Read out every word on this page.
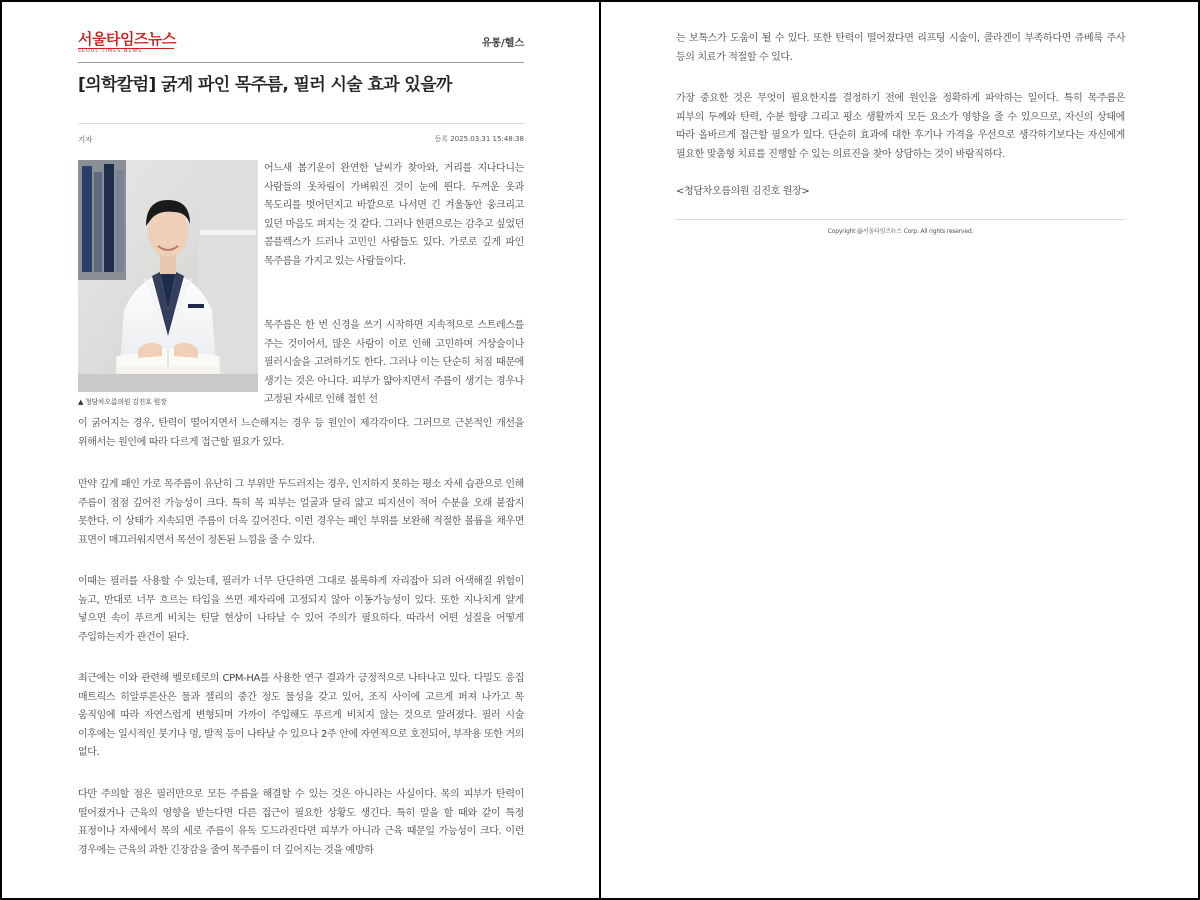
서울타임즈뉴스
SEOUL TIMES NEWS
유통/헬스
[의학칼럼] 굵게 파인 목주름, 필러 시술 효과 있을까
기자	등록 2025.03.31 15:48:38
▲ 청담차오름의원 김진호 원장

어느새 봄기운이 완연한 날씨가 찾아와, 거리를 지나다니는 사람들의 옷차림이 가벼워진 것이 눈에 띈다. 두꺼운 옷과 목도리를 벗어던지고 바깥으로 나서면 긴 겨울동안 웅크리고 있던 마음도 펴지는 것 같다. 그러나 한편으로는 감추고 싶었던 콤플렉스가 드러나 고민인 사람들도 있다. 가로로 깊게 파인 목주름을 가지고 있는 사람들이다.

목주름은 한 번 신경을 쓰기 시작하면 지속적으로 스트레스를 주는 것이어서, 많은 사람이 이로 인해 고민하며 거상술이나 필러시술을 고려하기도 한다. 그러나 이는 단순히 처짐 때문에 생기는 것은 아니다. 피부가 얇아지면서 주름이 생기는 경우나 고정된 자세로 인해 접힌 선

이 굵어지는 경우, 탄력이 떨어지면서 느슨해지는 경우 등 원인이 제각각이다. 그러므로 근본적인 개선을 위해서는 원인에 따라 다르게 접근할 필요가 있다.

만약 깊게 패인 가로 목주름이 유난히 그 부위만 두드러지는 경우, 인지하지 못하는 평소 자세 습관으로 인해 주름이 점점 깊어진 가능성이 크다. 특히 목 피부는 얼굴과 달리 얇고 피지선이 적어 수분을 오래 붙잡지 못한다. 이 상태가 지속되면 주름이 더욱 깊어진다. 이런 경우는 패인 부위를 보완해 적절한 볼륨을 채우면 표면이 매끄러워지면서 목선이 정돈된 느낌을 줄 수 있다.

이때는 필러를 사용할 수 있는데, 필러가 너무 단단하면 그대로 볼록하게 자리잡아 되려 어색해질 위험이 높고, 반대로 너무 흐르는 타입을 쓰면 제자리에 고정되지 않아 이동가능성이 있다. 또한 지나치게 얕게 넣으면 속이 푸르게 비치는 틴달 현상이 나타날 수 있어 주의가 필요하다. 따라서 어떤 성질을 어떻게 주입하는지가 관건이 된다.

최근에는 이와 관련해 벨로테로의 CPM-HA를 사용한 연구 결과가 긍정적으로 나타나고 있다. 다밀도 응집 매트릭스 히알루론산은 물과 젤리의 중간 정도 물성을 갖고 있어, 조직 사이에 고르게 퍼져 나가고 목 움직임에 따라 자연스럽게 변형되며 가까이 주입해도 푸르게 비치지 않는 것으로 알려졌다. 필러 시술 이후에는 일시적인 붓기나 멍, 발적 등이 나타날 수 있으나 2주 안에 자연적으로 호전되어, 부작용 또한 거의 없다.

다만 주의할 점은 필러만으로 모든 주름을 해결할 수 있는 것은 아니라는 사실이다. 목의 피부가 탄력이 떨어졌거나 근육의 영향을 받는다면 다른 접근이 필요한 상황도 생긴다. 특히 말을 할 때와 같이 특정 표정이나 자세에서 목의 세로 주름이 유독 도드라진다면 피부가 아니라 근육 때문일 가능성이 크다. 이런 경우에는 근육의 과한 긴장감을 줄여 목주름이 더 깊어지는 것을 예방하

는 보톡스가 도움이 될 수 있다. 또한 탄력이 떨어졌다면 리프팅 시술이, 콜라겐이 부족하다면 쥬베룩 주사 등의 치료가 적절할 수 있다.

가장 중요한 것은 무엇이 필요한지를 결정하기 전에 원인을 정확하게 파악하는 일이다. 특히 목주름은 피부의 두께와 탄력, 수분 함량 그리고 평소 생활까지 모든 요소가 영향을 줄 수 있으므로, 자신의 상태에 따라 올바르게 접근할 필요가 있다. 단순히 효과에 대한 후기나 가격을 우선으로 생각하기보다는 자신에게 필요한 맞춤형 치료를 진행할 수 있는 의료진을 찾아 상담하는 것이 바람직하다.

<청담차오름의원 김진호 원장>

Copyright @서울타임즈뉴스 Corp. All rights reserved.
